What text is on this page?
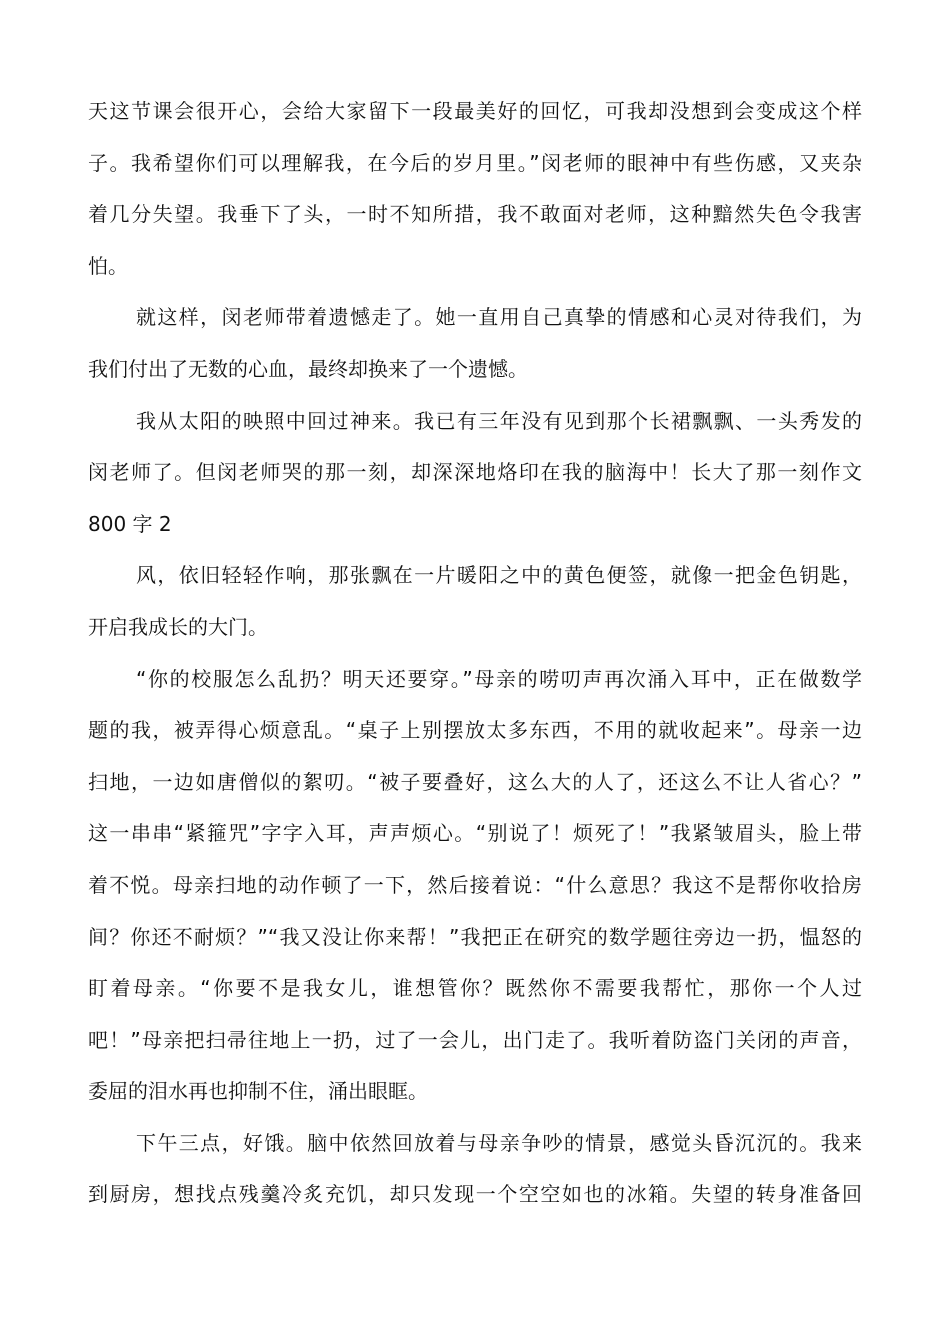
天这节课会很开心，会给大家留下一段最美好的回忆，可我却没想到会变成这个样
子。我希望你们可以理解我，在今后的岁月里。”闵老师的眼神中有些伤感，又夹杂
着几分失望。我垂下了头，一时不知所措，我不敢面对老师，这种黯然失色令我害
怕。
就这样，闵老师带着遗憾走了。她一直用自己真挚的情感和心灵对待我们，为
我们付出了无数的心血，最终却换来了一个遗憾。
我从太阳的映照中回过神来。我已有三年没有见到那个长裙飘飘、一头秀发的
闵老师了。但闵老师哭的那一刻，却深深地烙印在我的脑海中！长大了那一刻作文
800 字 2
风，依旧轻轻作响，那张飘在一片暖阳之中的黄色便签，就像一把金色钥匙，
开启我成长的大门。
“你的校服怎么乱扔？明天还要穿。”母亲的唠叨声再次涌入耳中，正在做数学
题的我，被弄得心烦意乱。“桌子上别摆放太多东西，不用的就收起来”。母亲一边
扫地，一边如唐僧似的絮叨。“被子要叠好，这么大的人了，还这么不让人省心？”
这一串串“紧箍咒”字字入耳，声声烦心。“别说了！烦死了！”我紧皱眉头，脸上带
着不悦。母亲扫地的动作顿了一下，然后接着说：“什么意思？我这不是帮你收拾房
间？你还不耐烦？”“我又没让你来帮！”我把正在研究的数学题往旁边一扔，愠怒的
盯着母亲。“你要不是我女儿，谁想管你？既然你不需要我帮忙，那你一个人过
吧！”母亲把扫帚往地上一扔，过了一会儿，出门走了。我听着防盗门关闭的声音，
委屈的泪水再也抑制不住，涌出眼眶。
下午三点，好饿。脑中依然回放着与母亲争吵的情景，感觉头昏沉沉的。我来
到厨房，想找点残羹冷炙充饥，却只发现一个空空如也的冰箱。失望的转身准备回
